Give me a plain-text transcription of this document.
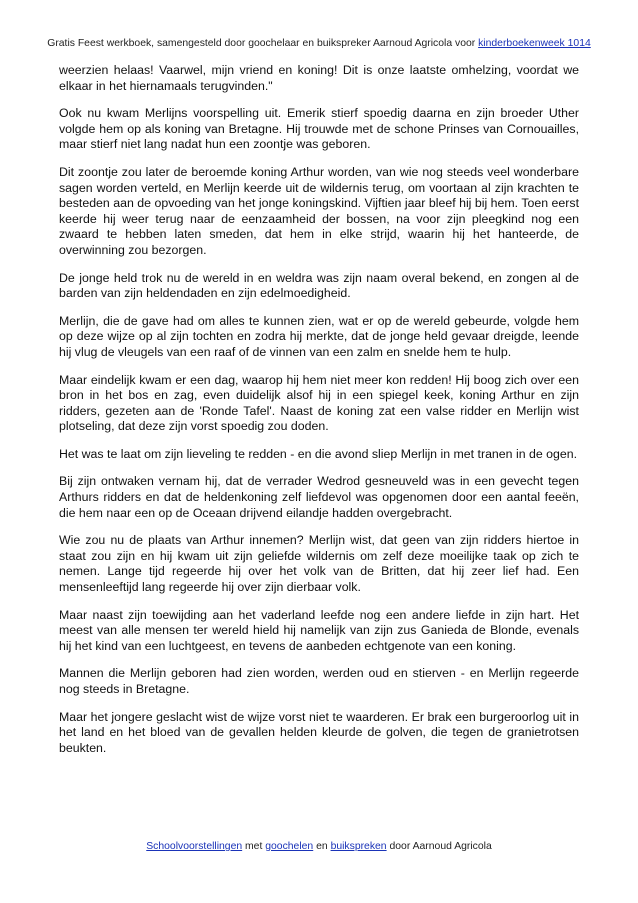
Gratis Feest werkboek, samengesteld door goochelaar en buikspreker Aarnoud Agricola voor kinderboekenweek 1014

weerzien helaas! Vaarwel, mijn vriend en koning! Dit is onze laatste omhelzing, voordat we elkaar in het hiernamaals terugvinden."

Ook nu kwam Merlijns voorspelling uit. Emerik stierf spoedig daarna en zijn broeder Uther volgde hem op als koning van Bretagne. Hij trouwde met de schone Prinses van Cornouailles, maar stierf niet lang nadat hun een zoontje was geboren.

Dit zoontje zou later de beroemde koning Arthur worden, van wie nog steeds veel wonderbare sagen worden verteld, en Merlijn keerde uit de wildernis terug, om voortaan al zijn krachten te besteden aan de opvoeding van het jonge koningskind. Vijftien jaar bleef hij bij hem. Toen eerst keerde hij weer terug naar de eenzaamheid der bossen, na voor zijn pleegkind nog een zwaard te hebben laten smeden, dat hem in elke strijd, waarin hij het hanteerde, de overwinning zou bezorgen.

De jonge held trok nu de wereld in en weldra was zijn naam overal bekend, en zongen al de barden van zijn heldendaden en zijn edelmoedigheid.

Merlijn, die de gave had om alles te kunnen zien, wat er op de wereld gebeurde, volgde hem op deze wijze op al zijn tochten en zodra hij merkte, dat de jonge held gevaar dreigde, leende hij vlug de vleugels van een raaf of de vinnen van een zalm en snelde hem te hulp.

Maar eindelijk kwam er een dag, waarop hij hem niet meer kon redden! Hij boog zich over een bron in het bos en zag, even duidelijk alsof hij in een spiegel keek, koning Arthur en zijn ridders, gezeten aan de 'Ronde Tafel'. Naast de koning zat een valse ridder en Merlijn wist plotseling, dat deze zijn vorst spoedig zou doden.

Het was te laat om zijn lieveling te redden - en die avond sliep Merlijn in met tranen in de ogen.

Bij zijn ontwaken vernam hij, dat de verrader Wedrod gesneuveld was in een gevecht tegen Arthurs ridders en dat de heldenkoning zelf liefdevol was opgenomen door een aantal feeën, die hem naar een op de Oceaan drijvend eilandje hadden overgebracht.

Wie zou nu de plaats van Arthur innemen? Merlijn wist, dat geen van zijn ridders hiertoe in staat zou zijn en hij kwam uit zijn geliefde wildernis om zelf deze moeilijke taak op zich te nemen. Lange tijd regeerde hij over het volk van de Britten, dat hij zeer lief had. Een mensenleeftijd lang regeerde hij over zijn dierbaar volk.

Maar naast zijn toewijding aan het vaderland leefde nog een andere liefde in zijn hart. Het meest van alle mensen ter wereld hield hij namelijk van zijn zus Ganieda de Blonde, evenals hij het kind van een luchtgeest, en tevens de aanbeden echtgenote van een koning.

Mannen die Merlijn geboren had zien worden, werden oud en stierven - en Merlijn regeerde nog steeds in Bretagne.

Maar het jongere geslacht wist de wijze vorst niet te waarderen. Er brak een burgeroorlog uit in het land en het bloed van de gevallen helden kleurde de golven, die tegen de granietrotsen beukten.

Schoolvoorstellingen met goochelen en buikspreken door Aarnoud Agricola
